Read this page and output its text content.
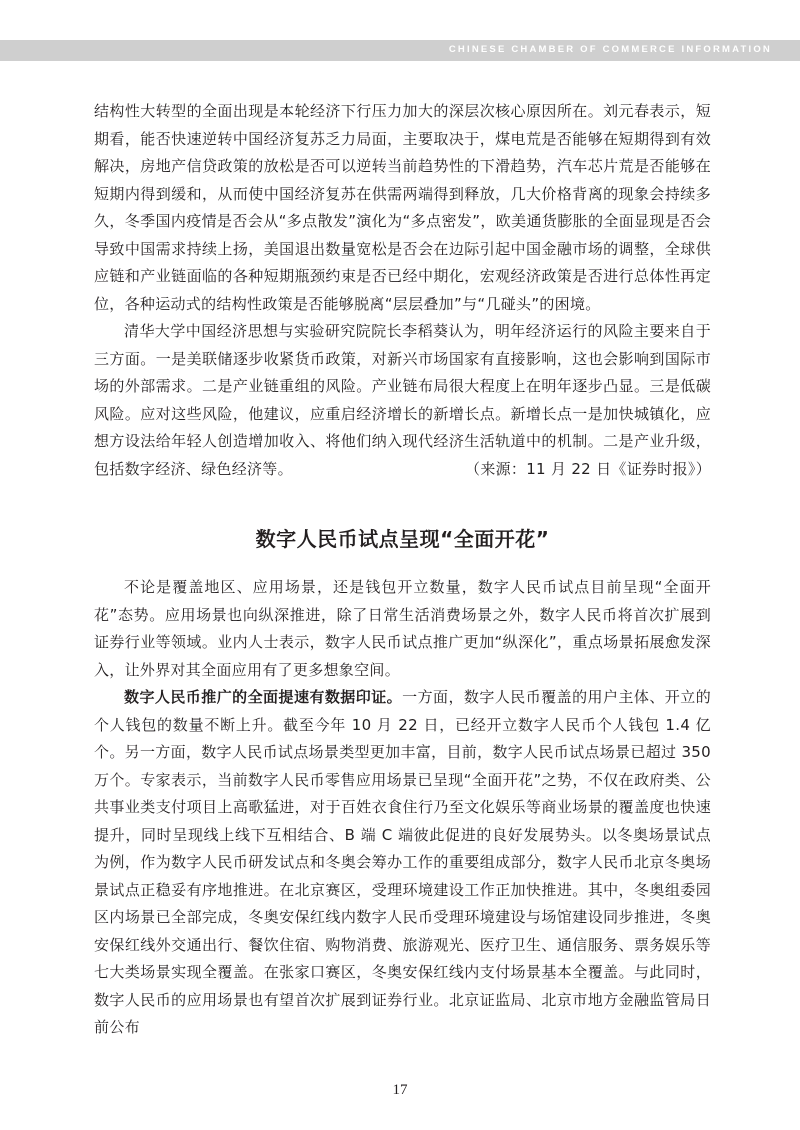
CHINESE CHAMBER OF COMMERCE INFORMATION

结构性大转型的全面出现是本轮经济下行压力加大的深层次核心原因所在。刘元春表示，短期看，能否快速逆转中国经济复苏乏力局面，主要取决于，煤电荒是否能够在短期得到有效解决，房地产信贷政策的放松是否可以逆转当前趋势性的下滑趋势，汽车芯片荒是否能够在短期内得到缓和，从而使中国经济复苏在供需两端得到释放，几大价格背离的现象会持续多久，冬季国内疫情是否会从“多点散发”演化为“多点密发”，欧美通货膨胀的全面显现是否会导致中国需求持续上扬，美国退出数量宽松是否会在边际引起中国金融市场的调整，全球供应链和产业链面临的各种短期瓶颈约束是否已经中期化，宏观经济政策是否进行总体性再定位，各种运动式的结构性政策是否能够脱离“层层叠加”与“几碰头”的困境。

清华大学中国经济思想与实验研究院院长李稻葵认为，明年经济运行的风险主要来自于三方面。一是美联储逐步收紧货币政策，对新兴市场国家有直接影响，这也会影响到国际市场的外部需求。二是产业链重组的风险。产业链布局很大程度上在明年逐步凸显。三是低碳风险。应对这些风险，他建议，应重启经济增长的新增长点。新增长点一是加快城镇化，应想方设法给年轻人创造增加收入、将他们纳入现代经济生活轨道中的机制。二是产业升级，包括数字经济、绿色经济等。	（来源：11 月 22 日《证券时报》）

数字人民币试点呈现“全面开花”

不论是覆盖地区、应用场景，还是钱包开立数量，数字人民币试点目前呈现“全面开花”态势。应用场景也向纵深推进，除了日常生活消费场景之外，数字人民币将首次扩展到证券行业等领域。业内人士表示，数字人民币试点推广更加“纵深化”，重点场景拓展愈发深入，让外界对其全面应用有了更多想象空间。

数字人民币推广的全面提速有数据印证。一方面，数字人民币覆盖的用户主体、开立的个人钱包的数量不断上升。截至今年 10 月 22 日，已经开立数字人民币个人钱包 1.4 亿个。另一方面，数字人民币试点场景类型更加丰富，目前，数字人民币试点场景已超过 350 万个。专家表示，当前数字人民币零售应用场景已呈现“全面开花”之势，不仅在政府类、公共事业类支付项目上高歌猛进，对于百姓衣食住行乃至文化娱乐等商业场景的覆盖度也快速提升，同时呈现线上线下互相结合、B 端 C 端彼此促进的良好发展势头。以冬奥场景试点为例，作为数字人民币研发试点和冬奥会筹办工作的重要组成部分，数字人民币北京冬奥场景试点正稳妥有序地推进。在北京赛区，受理环境建设工作正加快推进。其中，冬奥组委园区内场景已全部完成，冬奥安保红线内数字人民币受理环境建设与场馆建设同步推进，冬奥安保红线外交通出行、餐饮住宿、购物消费、旅游观光、医疗卫生、通信服务、票务娱乐等七大类场景实现全覆盖。在张家口赛区，冬奥安保红线内支付场景基本全覆盖。与此同时，数字人民币的应用场景也有望首次扩展到证券行业。北京证监局、北京市地方金融监管局日前公布

17
